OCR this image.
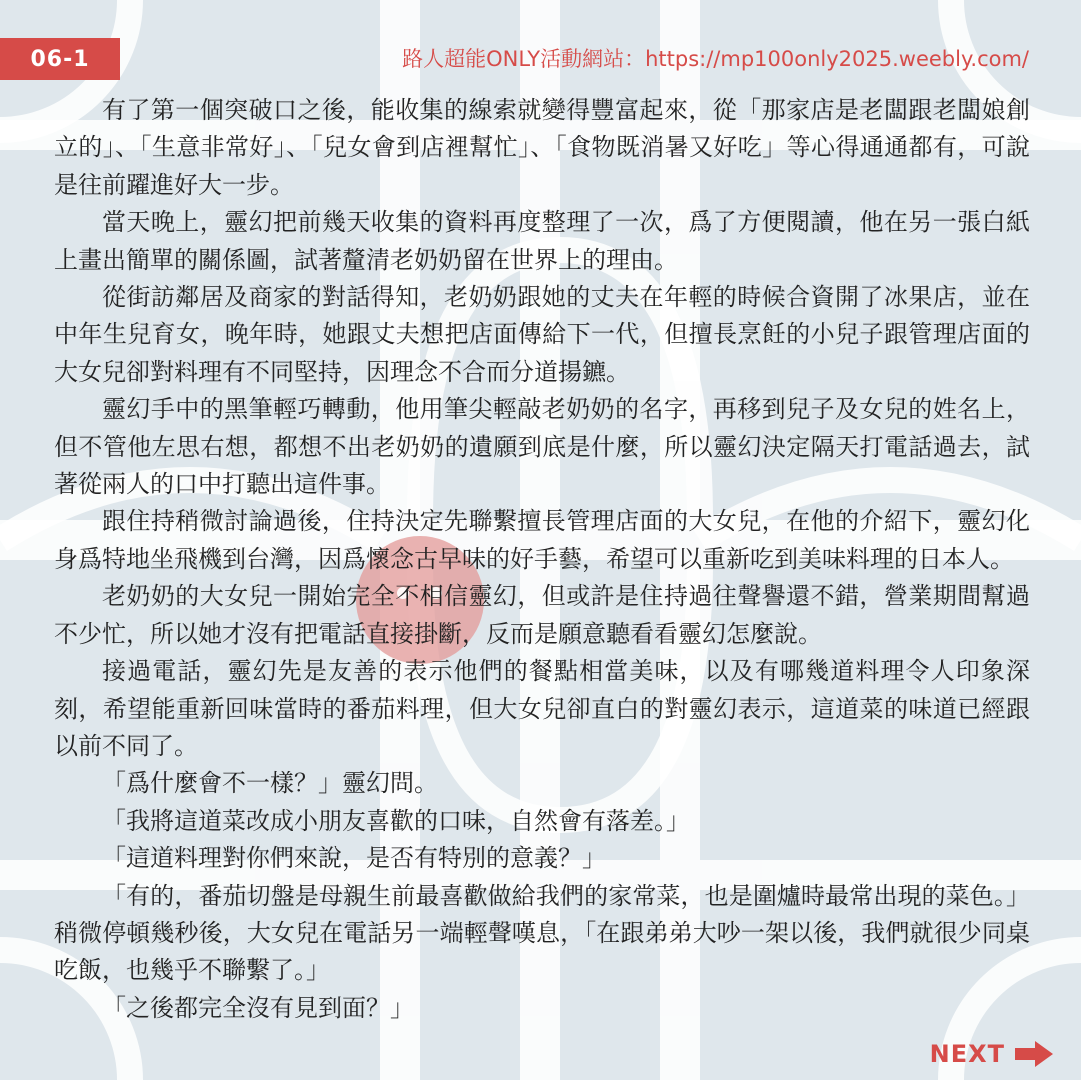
06-1	路人超能ONLY活動網站：https://mp100only2025.weebly.com/

有了第一個突破口之後，能收集的線索就變得豐富起來，從「那家店是老闆跟老闆娘創立的」、「生意非常好」、「兒女會到店裡幫忙」、「食物既消暑又好吃」等心得通通都有，可說是往前躍進好大一步。

當天晚上，靈幻把前幾天收集的資料再度整理了一次，爲了方便閱讀，他在另一張白紙上畫出簡單的關係圖，試著釐清老奶奶留在世界上的理由。

從街訪鄰居及商家的對話得知，老奶奶跟她的丈夫在年輕的時候合資開了冰果店，並在中年生兒育女，晚年時，她跟丈夫想把店面傳給下一代，但擅長烹飪的小兒子跟管理店面的大女兒卻對料理有不同堅持，因理念不合而分道揚鑣。

靈幻手中的黑筆輕巧轉動，他用筆尖輕敲老奶奶的名字，再移到兒子及女兒的姓名上，但不管他左思右想，都想不出老奶奶的遺願到底是什麼，所以靈幻決定隔天打電話過去，試著從兩人的口中打聽出這件事。

跟住持稍微討論過後，住持決定先聯繫擅長管理店面的大女兒，在他的介紹下，靈幻化身爲特地坐飛機到台灣，因爲懷念古早味的好手藝，希望可以重新吃到美味料理的日本人。

老奶奶的大女兒一開始完全不相信靈幻，但或許是住持過往聲譽還不錯，營業期間幫過不少忙，所以她才沒有把電話直接掛斷，反而是願意聽看看靈幻怎麼說。

接過電話，靈幻先是友善的表示他們的餐點相當美味，以及有哪幾道料理令人印象深刻，希望能重新回味當時的番茄料理，但大女兒卻直白的對靈幻表示，這道菜的味道已經跟以前不同了。

「爲什麼會不一樣？」靈幻問。

「我將這道菜改成小朋友喜歡的口味，自然會有落差。」

「這道料理對你們來說，是否有特別的意義？」

「有的，番茄切盤是母親生前最喜歡做給我們的家常菜，也是圍爐時最常出現的菜色。」稍微停頓幾秒後，大女兒在電話另一端輕聲嘆息，「在跟弟弟大吵一架以後，我們就很少同桌吃飯，也幾乎不聯繫了。」

「之後都完全沒有見到面？」

NEXT
